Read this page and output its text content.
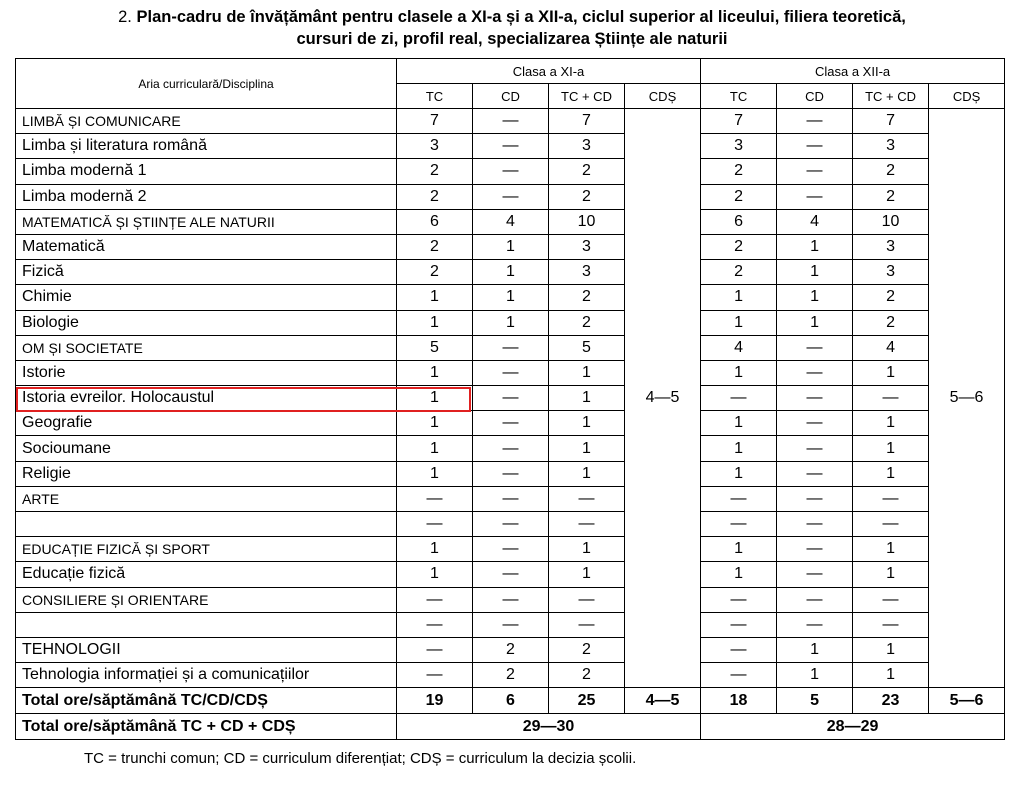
2. Plan-cadru de învățământ pentru clasele a XI-a și a XII-a, ciclul superior al liceului, filiera teoretică,
cursuri de zi, profil real, specializarea Științe ale naturii
Aria curriculară/Disciplina	Clasa a XI-a				Clasa a XII-a			
	TC	CD	TC + CD	CDȘ	TC	CD	TC + CD	CDȘ
LIMBĂ ȘI COMUNICARE	7	—	7	4—5	7	—	7	5—6
Limba și literatura română	3	—	3		3	—	3	
Limba modernă 1	2	—	2		2	—	2	
Limba modernă 2	2	—	2		2	—	2	
MATEMATICĂ ȘI ȘTIINȚE ALE NATURII	6	4	10		6	4	10	
Matematică	2	1	3		2	1	3	
Fizică	2	1	3		2	1	3	
Chimie	1	1	2		1	1	2	
Biologie	1	1	2		1	1	2	
OM ȘI SOCIETATE	5	—	5		4	—	4	
Istorie	1	—	1		1	—	1	
Istoria evreilor. Holocaustul	1	—	1		—	—	—	
Geografie	1	—	1		1	—	1	
Socioumane	1	—	1		1	—	1	
Religie	1	—	1		1	—	1	
ARTE	—	—	—		—	—	—	
	—	—	—		—	—	—	
EDUCAȚIE FIZICĂ ȘI SPORT	1	—	1		1	—	1	
Educație fizică	1	—	1		1	—	1	
CONSILIERE ȘI ORIENTARE	—	—	—		—	—	—	
	—	—	—		—	—	—	
TEHNOLOGII	—	2	2		—	1	1	
Tehnologia informației și a comunicațiilor	—	2	2		—	1	1	
Total ore/săptămână TC/CD/CDȘ	19	6	25	4—5	18	5	23	5—6
Total ore/săptămână TC + CD + CDȘ	29—30				28—29			
TC = trunchi comun; CD = curriculum diferențiat; CDȘ = curriculum la decizia școlii.
